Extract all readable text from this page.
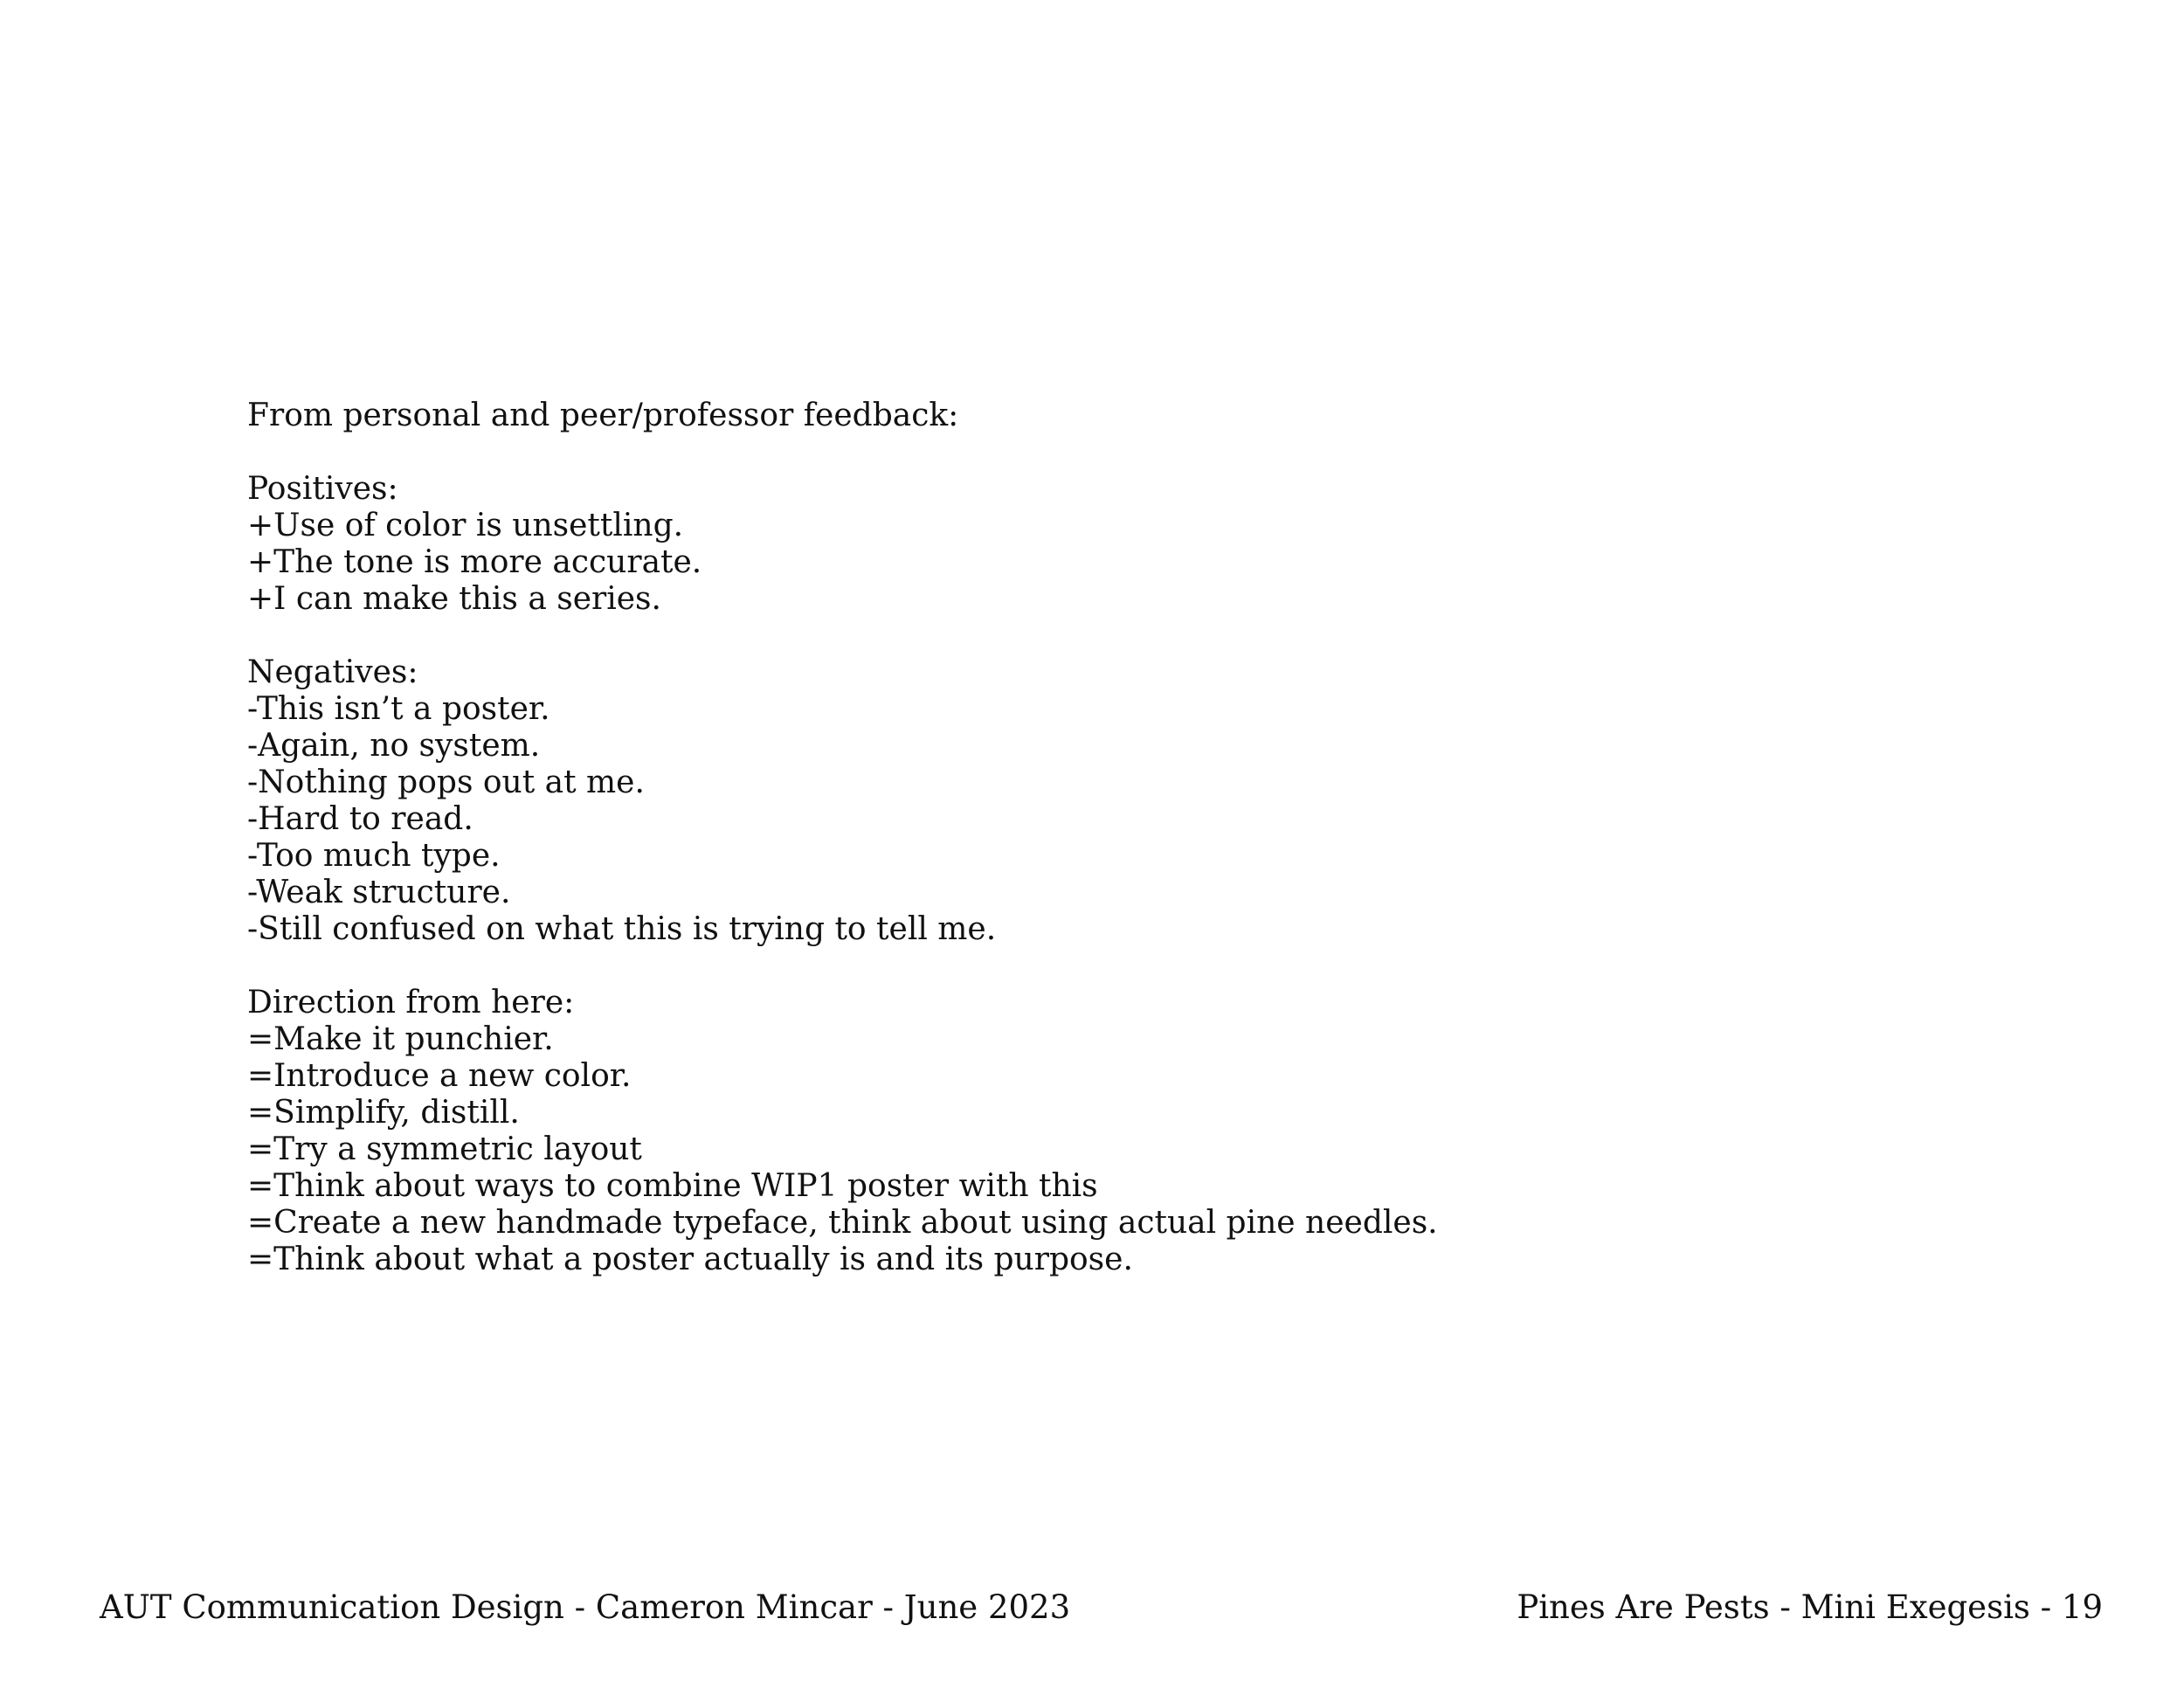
From personal and peer/professor feedback:

Positives:

+Use of color is unsettling.

+The tone is more accurate.

+I can make this a series.

Negatives:

-This isn’t a poster.

-Again, no system.

-Nothing pops out at me.

-Hard to read.

-Too much type.

-Weak structure.

-Still confused on what this is trying to tell me.

Direction from here:

=Make it punchier.

=Introduce a new color.

=Simplify, distill.

=Try a symmetric layout

=Think about ways to combine WIP1 poster with this

=Create a new handmade typeface, think about using actual pine needles.

=Think about what a poster actually is and its purpose.

AUT Communication Design - Cameron Mincar - June 2023	Pines Are Pests - Mini Exegesis - 19
